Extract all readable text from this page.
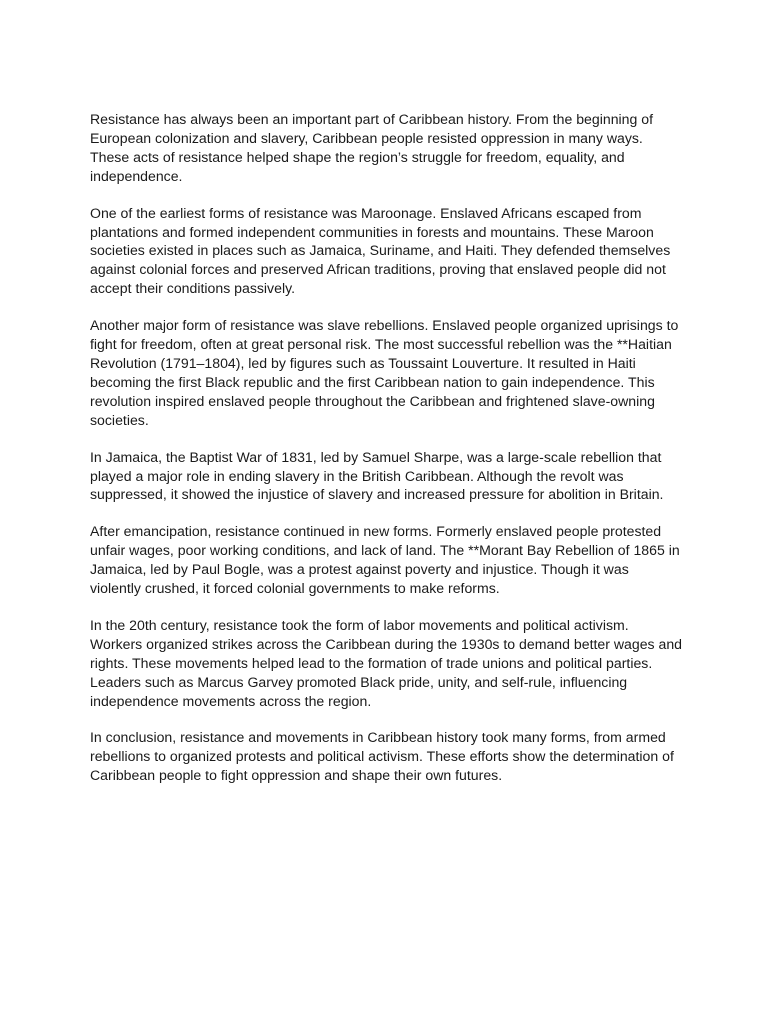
Resistance has always been an important part of Caribbean history. From the beginning of European colonization and slavery, Caribbean people resisted oppression in many ways. These acts of resistance helped shape the region’s struggle for freedom, equality, and independence.

One of the earliest forms of resistance was Maroonage. Enslaved Africans escaped from plantations and formed independent communities in forests and mountains. These Maroon societies existed in places such as Jamaica, Suriname, and Haiti. They defended themselves against colonial forces and preserved African traditions, proving that enslaved people did not accept their conditions passively.

Another major form of resistance was slave rebellions. Enslaved people organized uprisings to fight for freedom, often at great personal risk. The most successful rebellion was the **Haitian Revolution (1791–1804), led by figures such as Toussaint Louverture. It resulted in Haiti becoming the first Black republic and the first Caribbean nation to gain independence. This revolution inspired enslaved people throughout the Caribbean and frightened slave-owning societies.

In Jamaica, the Baptist War of 1831, led by Samuel Sharpe, was a large-scale rebellion that played a major role in ending slavery in the British Caribbean. Although the revolt was suppressed, it showed the injustice of slavery and increased pressure for abolition in Britain.

After emancipation, resistance continued in new forms. Formerly enslaved people protested unfair wages, poor working conditions, and lack of land. The **Morant Bay Rebellion of 1865 in Jamaica, led by Paul Bogle, was a protest against poverty and injustice. Though it was violently crushed, it forced colonial governments to make reforms.

In the 20th century, resistance took the form of labor movements and political activism. Workers organized strikes across the Caribbean during the 1930s to demand better wages and rights. These movements helped lead to the formation of trade unions and political parties. Leaders such as Marcus Garvey promoted Black pride, unity, and self-rule, influencing independence movements across the region.

In conclusion, resistance and movements in Caribbean history took many forms, from armed rebellions to organized protests and political activism. These efforts show the determination of Caribbean people to fight oppression and shape their own futures.
